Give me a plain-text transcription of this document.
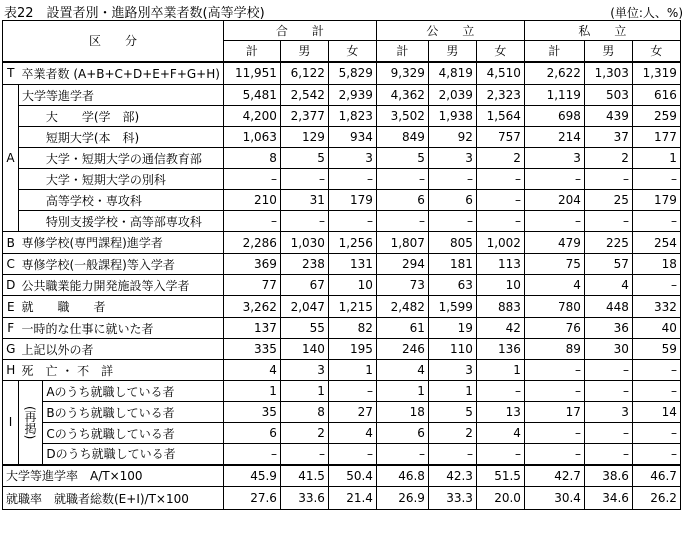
表22　設置者別・進路別卒業者数(高等学校)	(単位:人、%)
区　　分			合　　計			公　　立			私　　立		
			計	男	女	計	男	女	計	男	女
T	卒業者数 (A+B+C+D+E+F+G+H)		11,951	6,122	5,829	9,329	4,819	4,510	2,622	1,303	1,319
A	大学等進学者		5,481	2,542	2,939	4,362	2,039	2,323	1,119	503	616
		大　　学(学　部)	4,200	2,377	1,823	3,502	1,938	1,564	698	439	259
		短期大学(本　科)	1,063	129	934	849	92	757	214	37	177
		大学・短期大学の通信教育部	8	5	3	5	3	2	3	2	1
		大学・短期大学の別科	–	–	–	–	–	–	–	–	–
		高等学校・専攻科	210	31	179	6	6	–	204	25	179
		特別支援学校・高等部専攻科	–	–	–	–	–	–	–	–	–
B	専修学校(専門課程)進学者		2,286	1,030	1,256	1,807	805	1,002	479	225	254
C	専修学校(一般課程)等入学者		369	238	131	294	181	113	75	57	18
D	公共職業能力開発施設等入学者		77	67	10	73	63	10	4	4	–
E	就　　職　　者		3,262	2,047	1,215	2,482	1,599	883	780	448	332
F	一時的な仕事に就いた者		137	55	82	61	19	42	76	36	40
G	上記以外の者		335	140	195	246	110	136	89	30	59
H	死　亡 ・ 不　詳		4	3	1	4	3	1	–	–	–

I	(再掲)	Aのうち就職している者	1	1	–	1	1	–	–	–	–
		Bのうち就職している者	35	8	27	18	5	13	17	3	14
		Cのうち就職している者	6	2	4	6	2	4	–	–	–
		Dのうち就職している者	–	–	–	–	–	–	–	–	–
大学等進学率　A/T×100			45.9	41.5	50.4	46.8	42.3	51.5	42.7	38.6	46.7
就職率　就職者総数(E+I)/T×100			27.6	33.6	21.4	26.9	33.3	20.0	30.4	34.6	26.2
